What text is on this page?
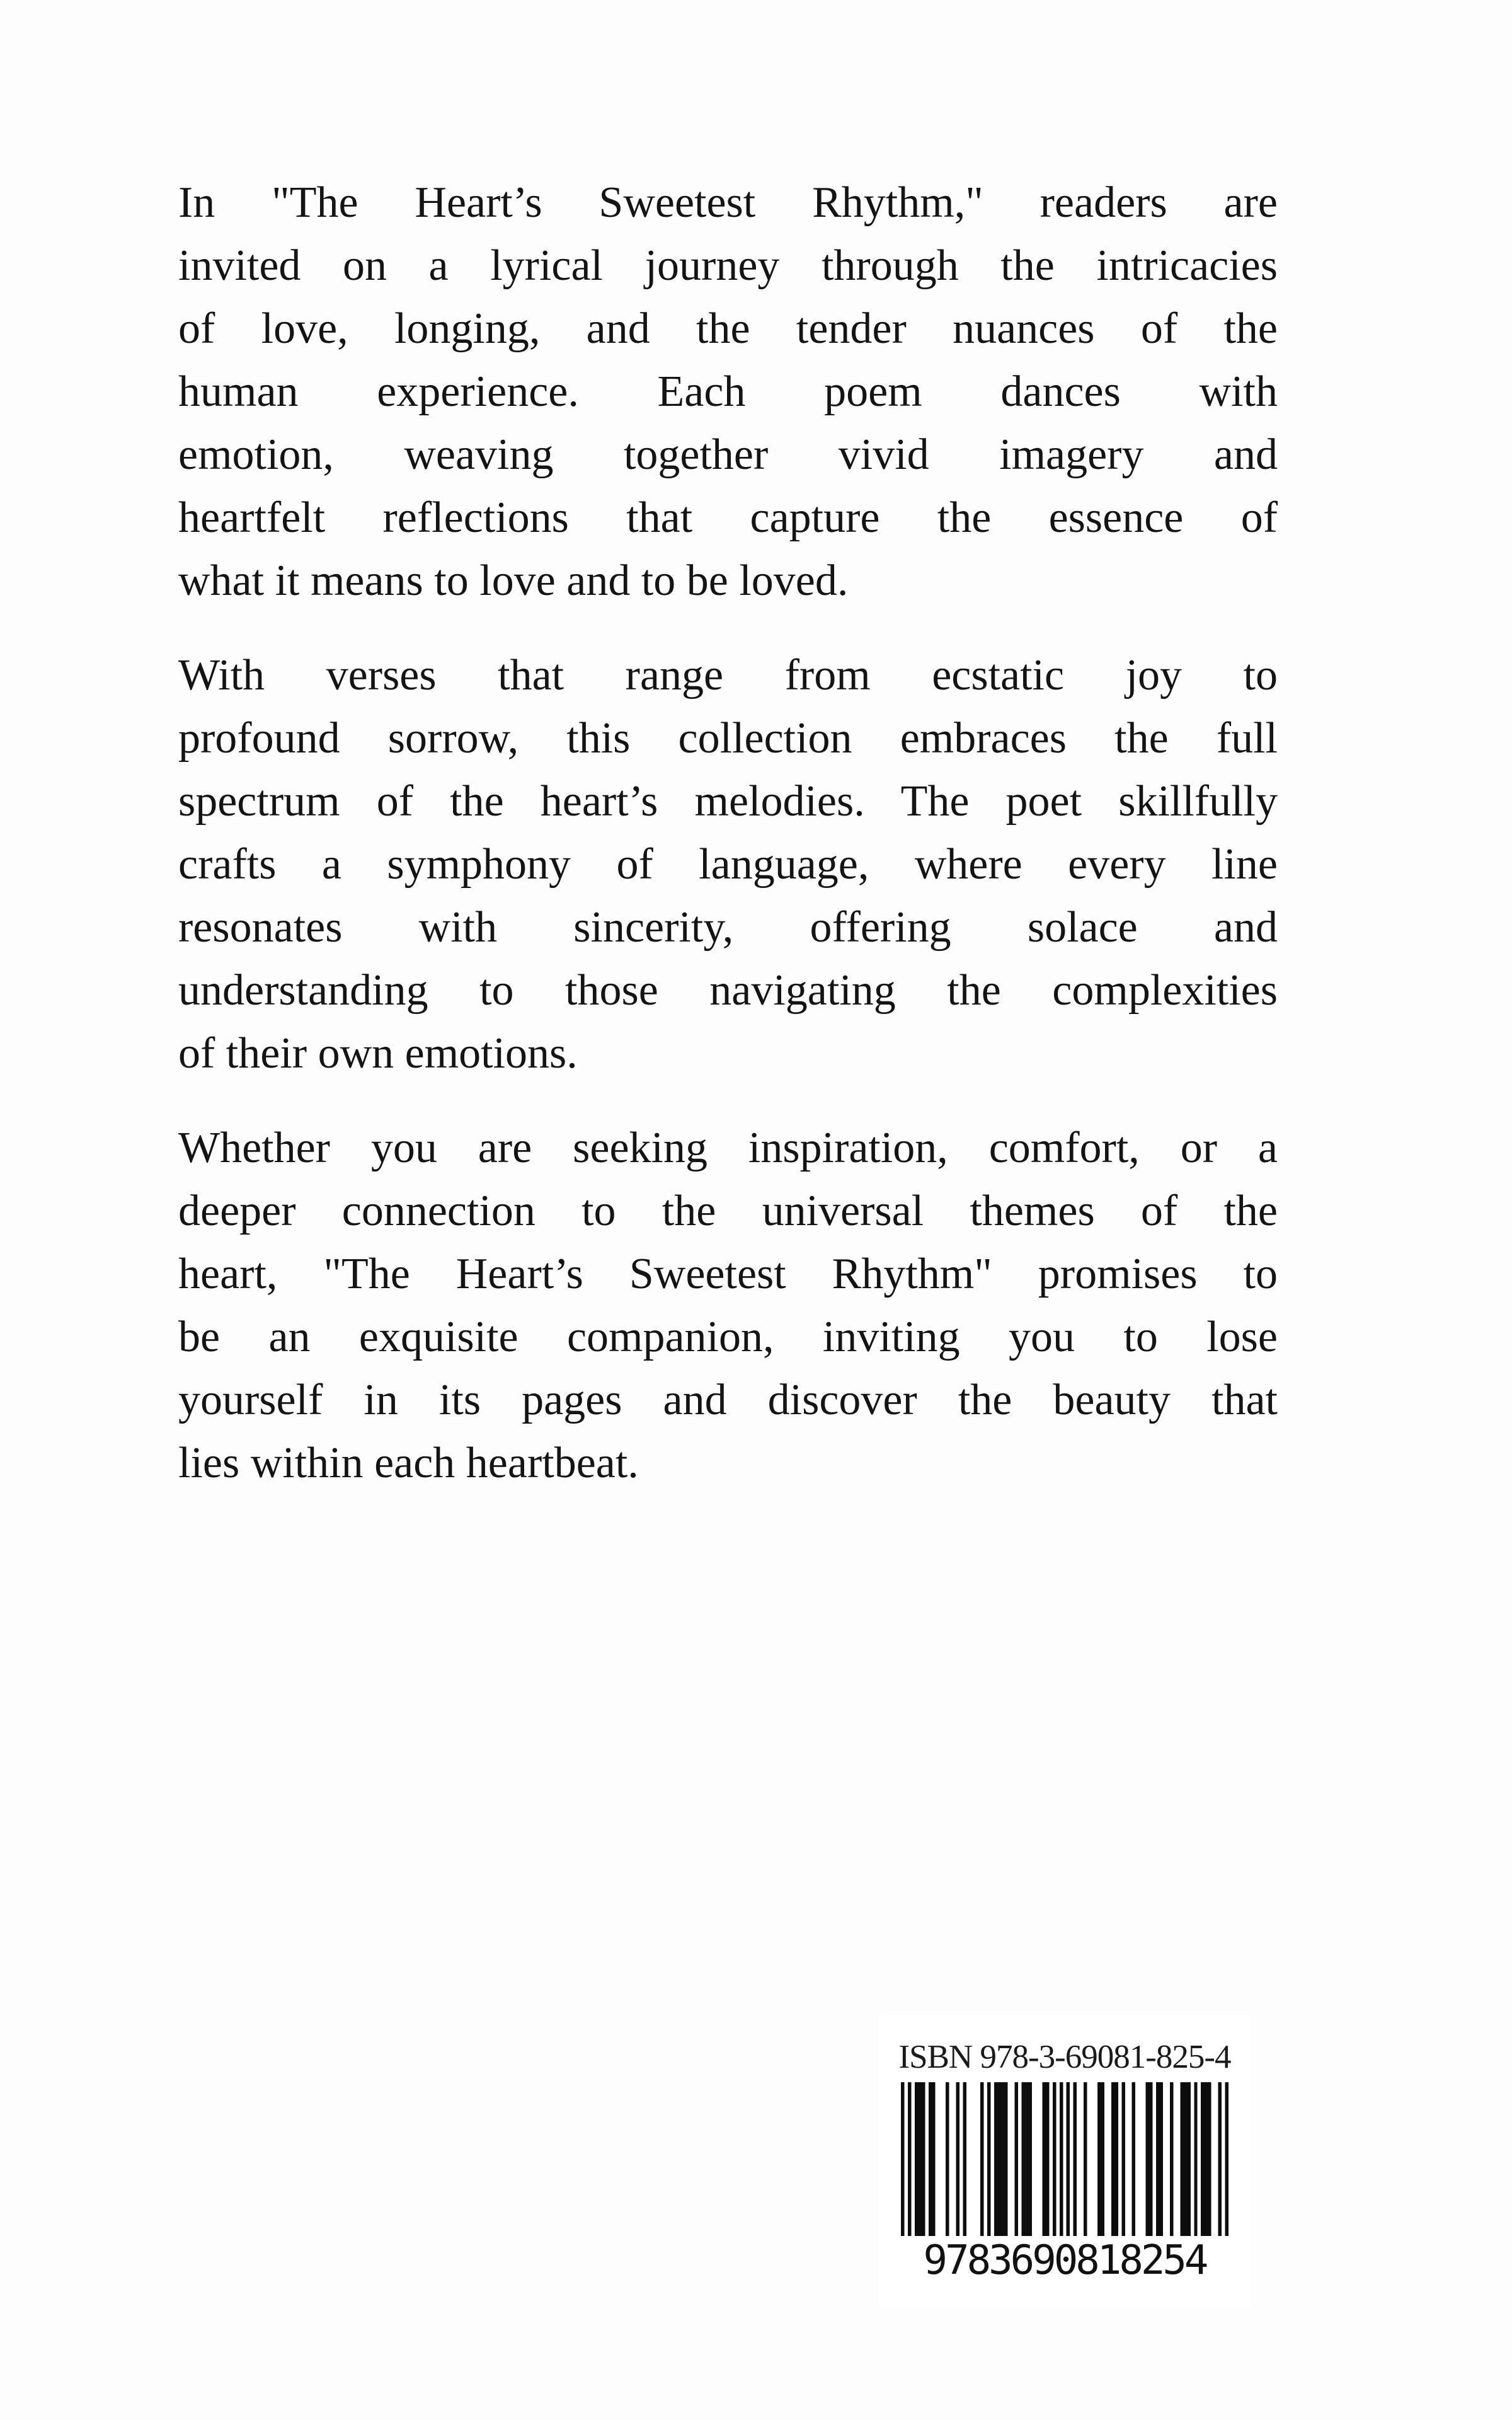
In "The Heart’s Sweetest Rhythm," readers are
invited on a lyrical journey through the intricacies
of love, longing, and the tender nuances of the
human experience. Each poem dances with
emotion, weaving together vivid imagery and
heartfelt reflections that capture the essence of
what it means to love and to be loved.
With verses that range from ecstatic joy to
profound sorrow, this collection embraces the full
spectrum of the heart’s melodies. The poet skillfully
crafts a symphony of language, where every line
resonates with sincerity, offering solace and
understanding to those navigating the complexities
of their own emotions.
Whether you are seeking inspiration, comfort, or a
deeper connection to the universal themes of the
heart, "The Heart’s Sweetest Rhythm" promises to
be an exquisite companion, inviting you to lose
yourself in its pages and discover the beauty that
lies within each heartbeat.
ISBN 978-3-69081-825-4
9783690818254
